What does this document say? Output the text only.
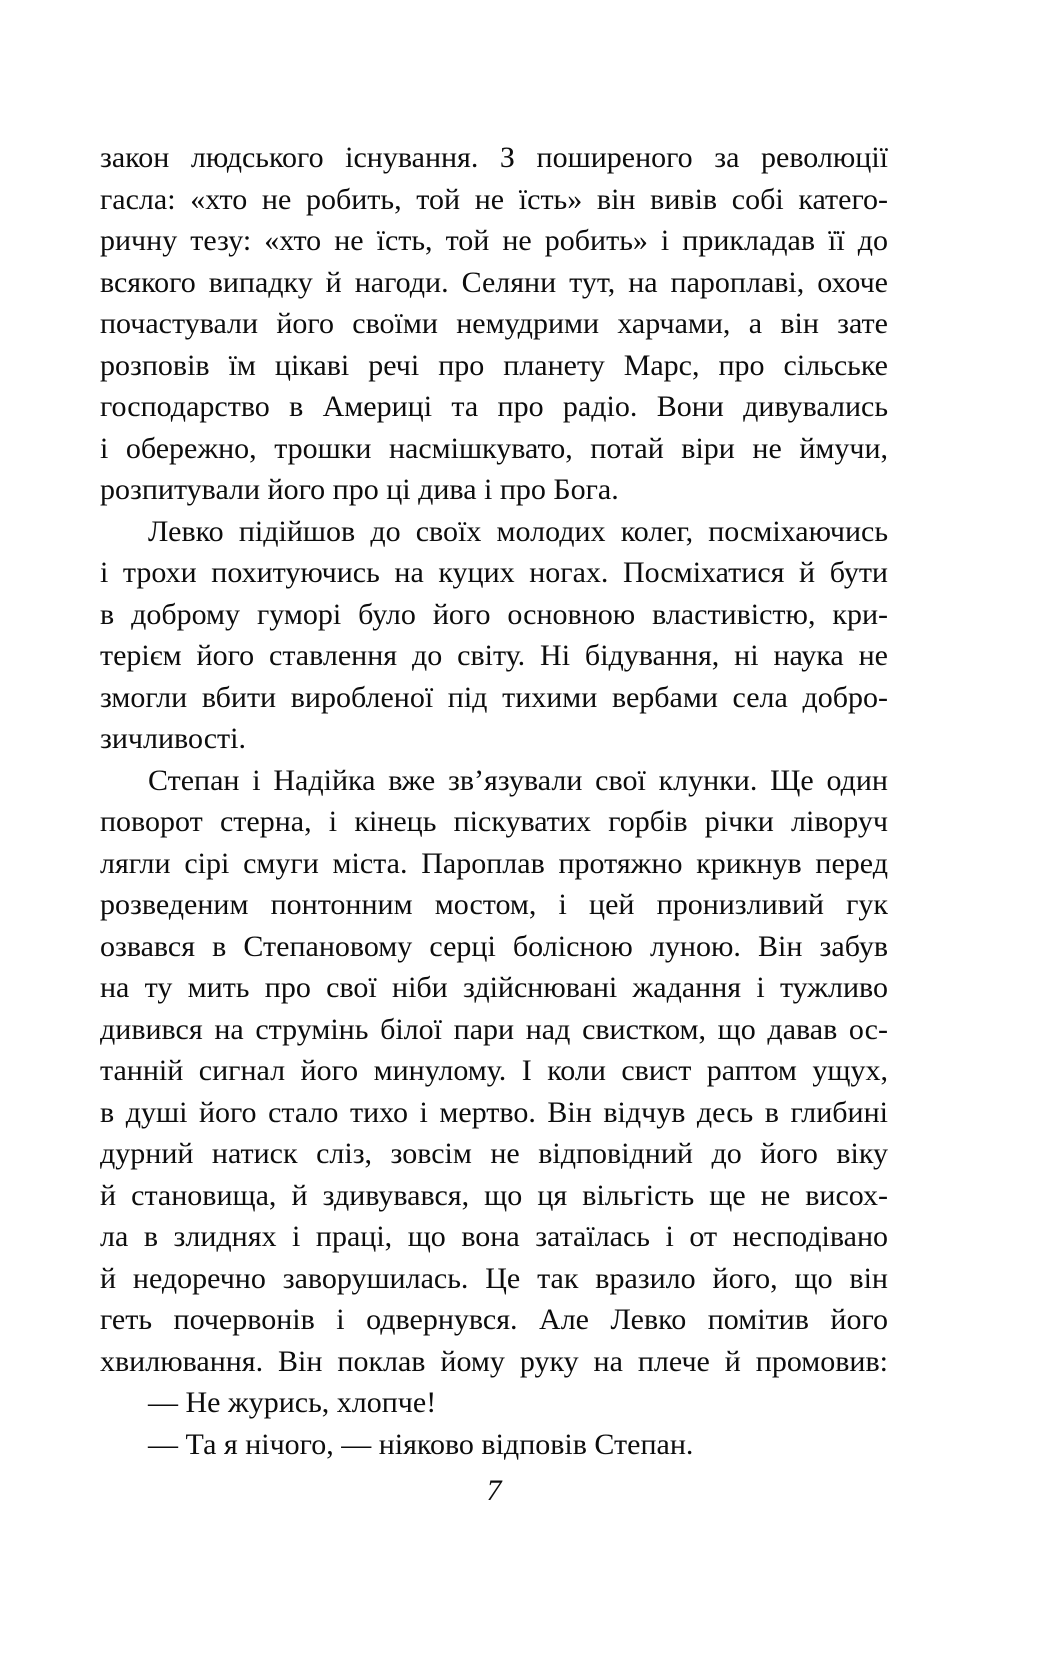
закон людського існування. З поширеного за революції
гасла: «хто не робить, той не їсть» він вивів собі катего-
ричну тезу: «хто не їсть, той не робить» і прикладав її до
всякого випадку й нагоди. Селяни тут, на пароплаві, охоче
почастували його своїми немудрими харчами, а він зате
розповів їм цікаві речі про планету Марс, про сільське
господарство в Америці та про радіо. Вони дивувались
і обережно, трошки насмішкувато, потай віри не ймучи,
розпитували його про ці дива і про Бога.
Левко підійшов до своїх молодих колег, посміхаючись
і трохи похитуючись на куцих ногах. Посміхатися й бути
в доброму гуморі було його основною властивістю, кри-
терієм його ставлення до світу. Ні бідування, ні наука не
змогли вбити виробленої під тихими вербами села добро-
зичливості.
Степан і Надійка вже зв’язували свої клунки. Ще один
поворот стерна, і кінець піскуватих горбів річки ліворуч
лягли сірі смуги міста. Пароплав протяжно крикнув перед
розведеним понтонним мостом, і цей пронизливий гук
озвався в Степановому серці болісною луною. Він забув
на ту мить про свої ніби здійснювані жадання і тужливо
дивився на струмінь білої пари над свистком, що давав ос-
танній сигнал його минулому. І коли свист раптом ущух,
в душі його стало тихо і мертво. Він відчув десь в глибині
дурний натиск сліз, зовсім не відповідний до його віку
й становища, й здивувався, що ця вільгість ще не висох-
ла в злиднях і праці, що вона затаїлась і от несподівано
й недоречно заворушилась. Це так вразило його, що він
геть почервонів і одвернувся. Але Левко помітив його
хвилювання. Він поклав йому руку на плече й промовив:
— Не журись, хлопче!
— Та я нічого, — ніяково відповів Степан.
7
